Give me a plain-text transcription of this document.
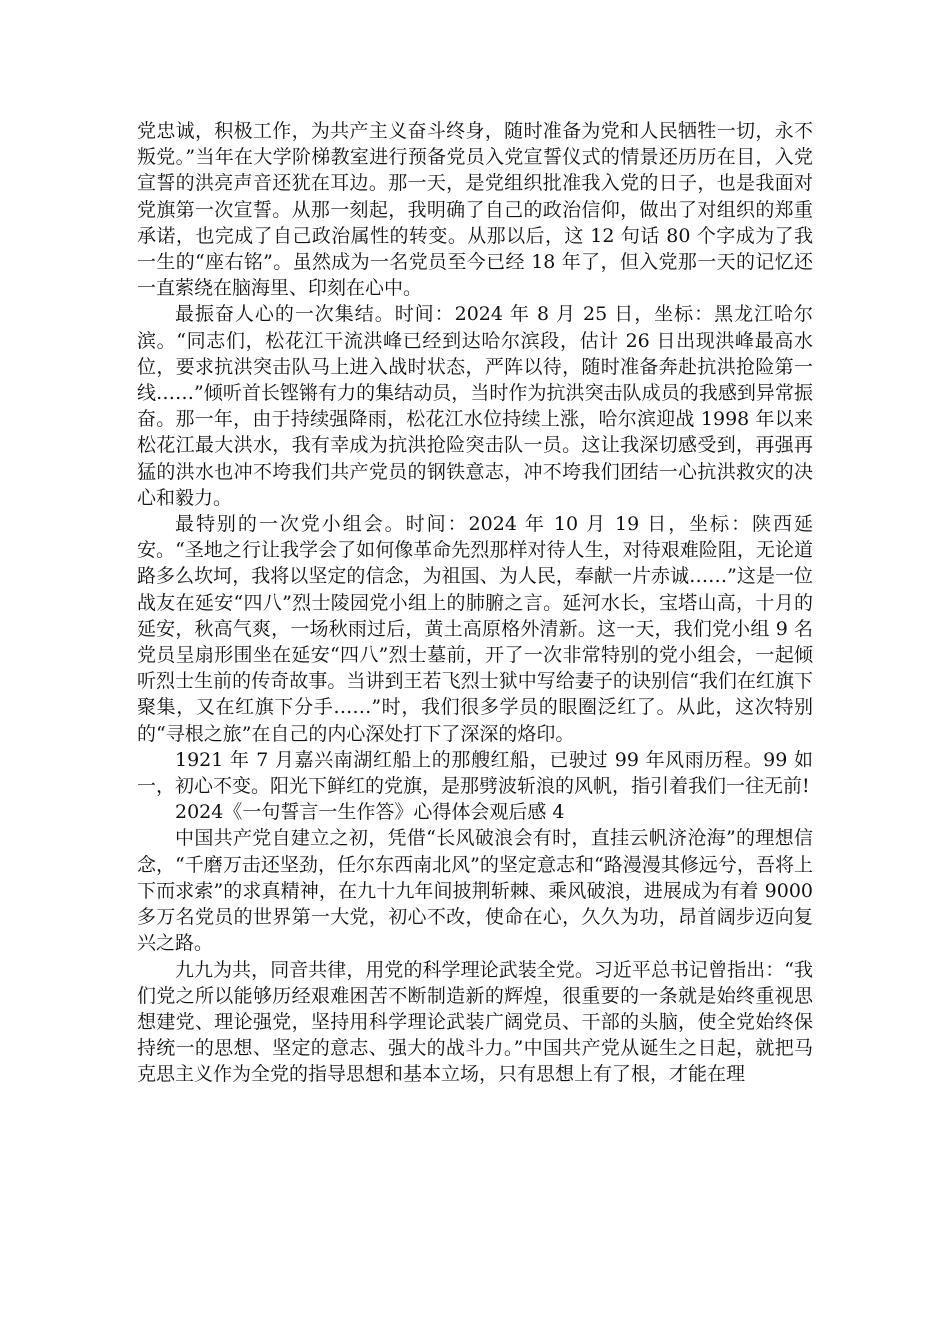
党忠诚，积极工作，为共产主义奋斗终身，随时准备为党和人民牺牲一切，永不叛党。”当年在大学阶梯教室进行预备党员入党宣誓仪式的情景还历历在目，入党宣誓的洪亮声音还犹在耳边。那一天，是党组织批准我入党的日子，也是我面对党旗第一次宣誓。从那一刻起，我明确了自己的政治信仰，做出了对组织的郑重承诺，也完成了自己政治属性的转变。从那以后，这 12 句话 80 个字成为了我一生的“座右铭”。虽然成为一名党员至今已经 18 年了，但入党那一天的记忆还一直萦绕在脑海里、印刻在心中。

最振奋人心的一次集结。时间：2024 年 8 月 25 日，坐标：黑龙江哈尔滨。“同志们，松花江干流洪峰已经到达哈尔滨段，估计 26 日出现洪峰最高水位，要求抗洪突击队马上进入战时状态，严阵以待，随时准备奔赴抗洪抢险第一线……”倾听首长铿锵有力的集结动员，当时作为抗洪突击队成员的我感到异常振奋。那一年，由于持续强降雨，松花江水位持续上涨，哈尔滨迎战 1998 年以来松花江最大洪水，我有幸成为抗洪抢险突击队一员。这让我深切感受到，再强再猛的洪水也冲不垮我们共产党员的钢铁意志，冲不垮我们团结一心抗洪救灾的决心和毅力。

最特别的一次党小组会。时间：2024 年 10 月 19 日，坐标：陕西延安。“圣地之行让我学会了如何像革命先烈那样对待人生，对待艰难险阻，无论道路多么坎坷，我将以坚定的信念，为祖国、为人民，奉献一片赤诚……”这是一位战友在延安“四八”烈士陵园党小组上的肺腑之言。延河水长，宝塔山高，十月的延安，秋高气爽，一场秋雨过后，黄土高原格外清新。这一天，我们党小组 9 名党员呈扇形围坐在延安“四八”烈士墓前，开了一次非常特别的党小组会，一起倾听烈士生前的传奇故事。当讲到王若飞烈士狱中写给妻子的诀别信“我们在红旗下聚集，又在红旗下分手……”时，我们很多学员的眼圈泛红了。从此，这次特别的“寻根之旅”在自己的内心深处打下了深深的烙印。

1921 年 7 月嘉兴南湖红船上的那艘红船，已驶过 99 年风雨历程。99 如一，初心不变。阳光下鲜红的党旗，是那劈波斩浪的风帆，指引着我们一往无前!

2024《一句誓言一生作答》心得体会观后感 4

中国共产党自建立之初，凭借“长风破浪会有时，直挂云帆济沧海”的理想信念，“千磨万击还坚劲，任尔东西南北风”的坚定意志和“路漫漫其修远兮，吾将上下而求索”的求真精神，在九十九年间披荆斩棘、乘风破浪，进展成为有着 9000 多万名党员的世界第一大党，初心不改，使命在心，久久为功，昂首阔步迈向复兴之路。

九九为共，同音共律，用党的科学理论武装全党。习近平总书记曾指出：“我们党之所以能够历经艰难困苦不断制造新的辉煌，很重要的一条就是始终重视思想建党、理论强党，坚持用科学理论武装广阔党员、干部的头脑，使全党始终保持统一的思想、坚定的意志、强大的战斗力。”中国共产党从诞生之日起，就把马克思主义作为全党的指导思想和基本立场，只有思想上有了根，才能在理
